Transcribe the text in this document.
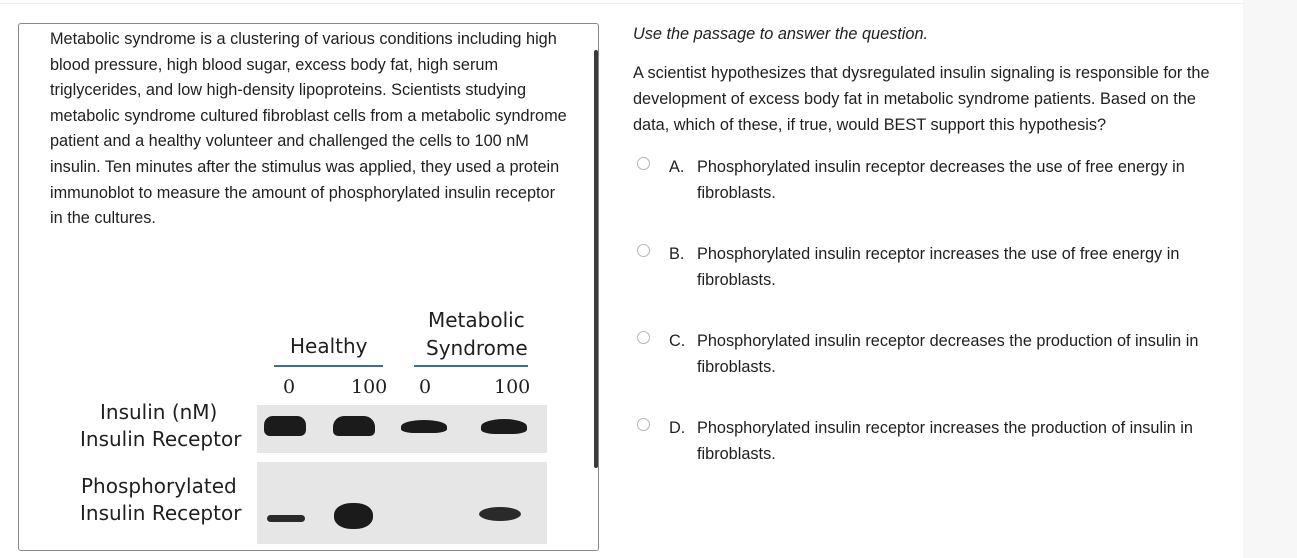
Metabolic syndrome is a clustering of various conditions including high blood pressure, high blood sugar, excess body fat, high serum triglycerides, and low high-density lipoproteins. Scientists studying metabolic syndrome cultured fibroblast cells from a metabolic syndrome patient and a healthy volunteer and challenged the cells to 100 nM insulin. Ten minutes after the stimulus was applied, they used a protein immunoblot to measure the amount of phosphorylated insulin receptor in the cultures.

Healthy
Metabolic
Syndrome
0	100 0	100
Insulin (nM)
Insulin Receptor
Phosphorylated
Insulin Receptor

Use the passage to answer the question.

A scientist hypothesizes that dysregulated insulin signaling is responsible for the development of excess body fat in metabolic syndrome patients. Based on the data, which of these, if true, would BEST support this hypothesis?

A. Phosphorylated insulin receptor decreases the use of free energy in fibroblasts.
B. Phosphorylated insulin receptor increases the use of free energy in fibroblasts.
C. Phosphorylated insulin receptor decreases the production of insulin in fibroblasts.
D. Phosphorylated insulin receptor increases the production of insulin in fibroblasts.
